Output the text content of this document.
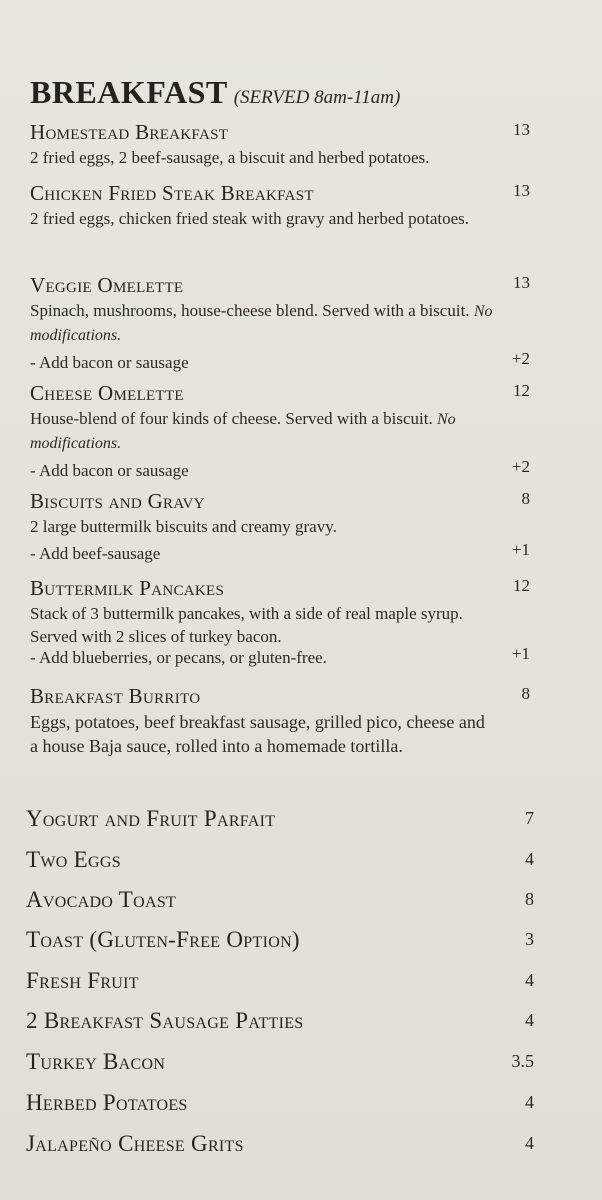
BREAKFAST (SERVED 8am-11am)
Homestead Breakfast	13
2 fried eggs, 2 beef-sausage, a biscuit and herbed potatoes.
Chicken Fried Steak Breakfast	13
2 fried eggs, chicken fried steak with gravy and herbed potatoes.
Veggie Omelette	13
Spinach, mushrooms, house-cheese blend. Served with a biscuit. No modifications.
- Add bacon or sausage	+2
Cheese Omelette	12
House-blend of four kinds of cheese. Served with a biscuit. No modifications.
- Add bacon or sausage	+2
Biscuits and Gravy	8
2 large buttermilk biscuits and creamy gravy.
- Add beef-sausage	+1
Buttermilk Pancakes	12
Stack of 3 buttermilk pancakes, with a side of real maple syrup. Served with 2 slices of turkey bacon.
- Add blueberries, or pecans, or gluten-free.	+1
Breakfast Burrito	8
Eggs, potatoes, beef breakfast sausage, grilled pico, cheese and a house Baja sauce, rolled into a homemade tortilla.
Yogurt and Fruit Parfait	7
Two Eggs	4
Avocado Toast	8
Toast (Gluten-Free Option)	3
Fresh Fruit	4
2 Breakfast Sausage Patties	4
Turkey Bacon	3.5
Herbed Potatoes	4
Jalapeño Cheese Grits	4
